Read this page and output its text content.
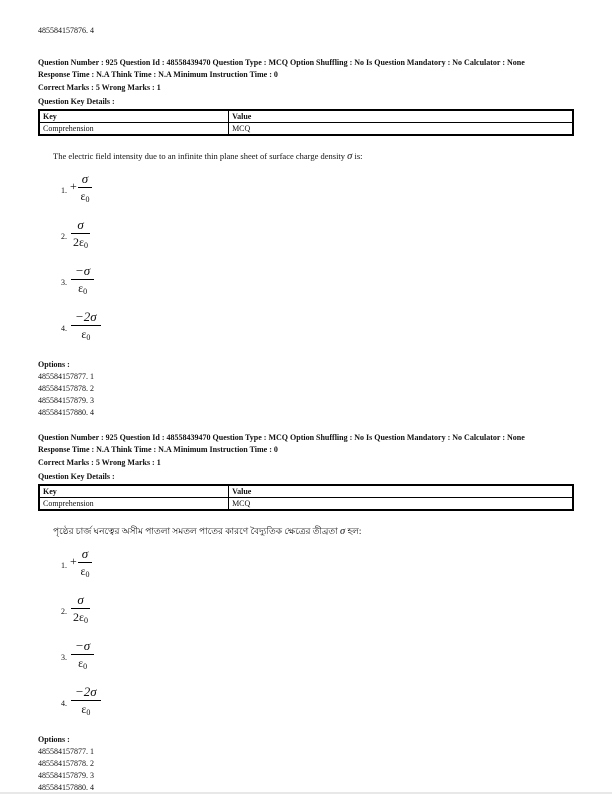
485584157876. 4
Question Number : 925 Question Id : 48558439470 Question Type : MCQ Option Shuffling : No Is Question Mandatory : No Calculator : None
Response Time : N.A Think Time : N.A Minimum Instruction Time : 0
Correct Marks : 5 Wrong Marks : 1
Question Key Details :
Key	Value
Comprehension	MCQ
The electric field intensity due to an infinite thin plane sheet of surface charge density σ is:
1. + $\frac{\sigma}{\varepsilon 0}$
2. $\frac{\sigma}{2\varepsilon 0}$
3. $\frac{-\sigma}{\varepsilon 0}$
4. $\frac{-2\sigma}{\varepsilon 0}$
Options :
485584157877. 1
485584157878. 2
485584157879. 3
485584157880. 4
Question Number : 925 Question Id : 48558439470 Question Type : MCQ Option Shuffling : No Is Question Mandatory : No Calculator : None
Response Time : N.A Think Time : N.A Minimum Instruction Time : 0
Correct Marks : 5 Wrong Marks : 1
Question Key Details :
Key	Value
Comprehension	MCQ
পৃষ্ঠের চার্জ ঘনত্বের অসীম পাতলা সমতল পাতের কারণে বৈদ্যুতিক ক্ষেত্রের তীব্রতা σ হল:
1. + $\frac{\sigma}{\varepsilon 0}$
2. $\frac{\sigma}{2\varepsilon 0}$
3. $\frac{-\sigma}{\varepsilon 0}$
4. $\frac{-2\sigma}{\varepsilon 0}$
Options :
485584157877. 1
485584157878. 2
485584157879. 3
485584157880. 4
